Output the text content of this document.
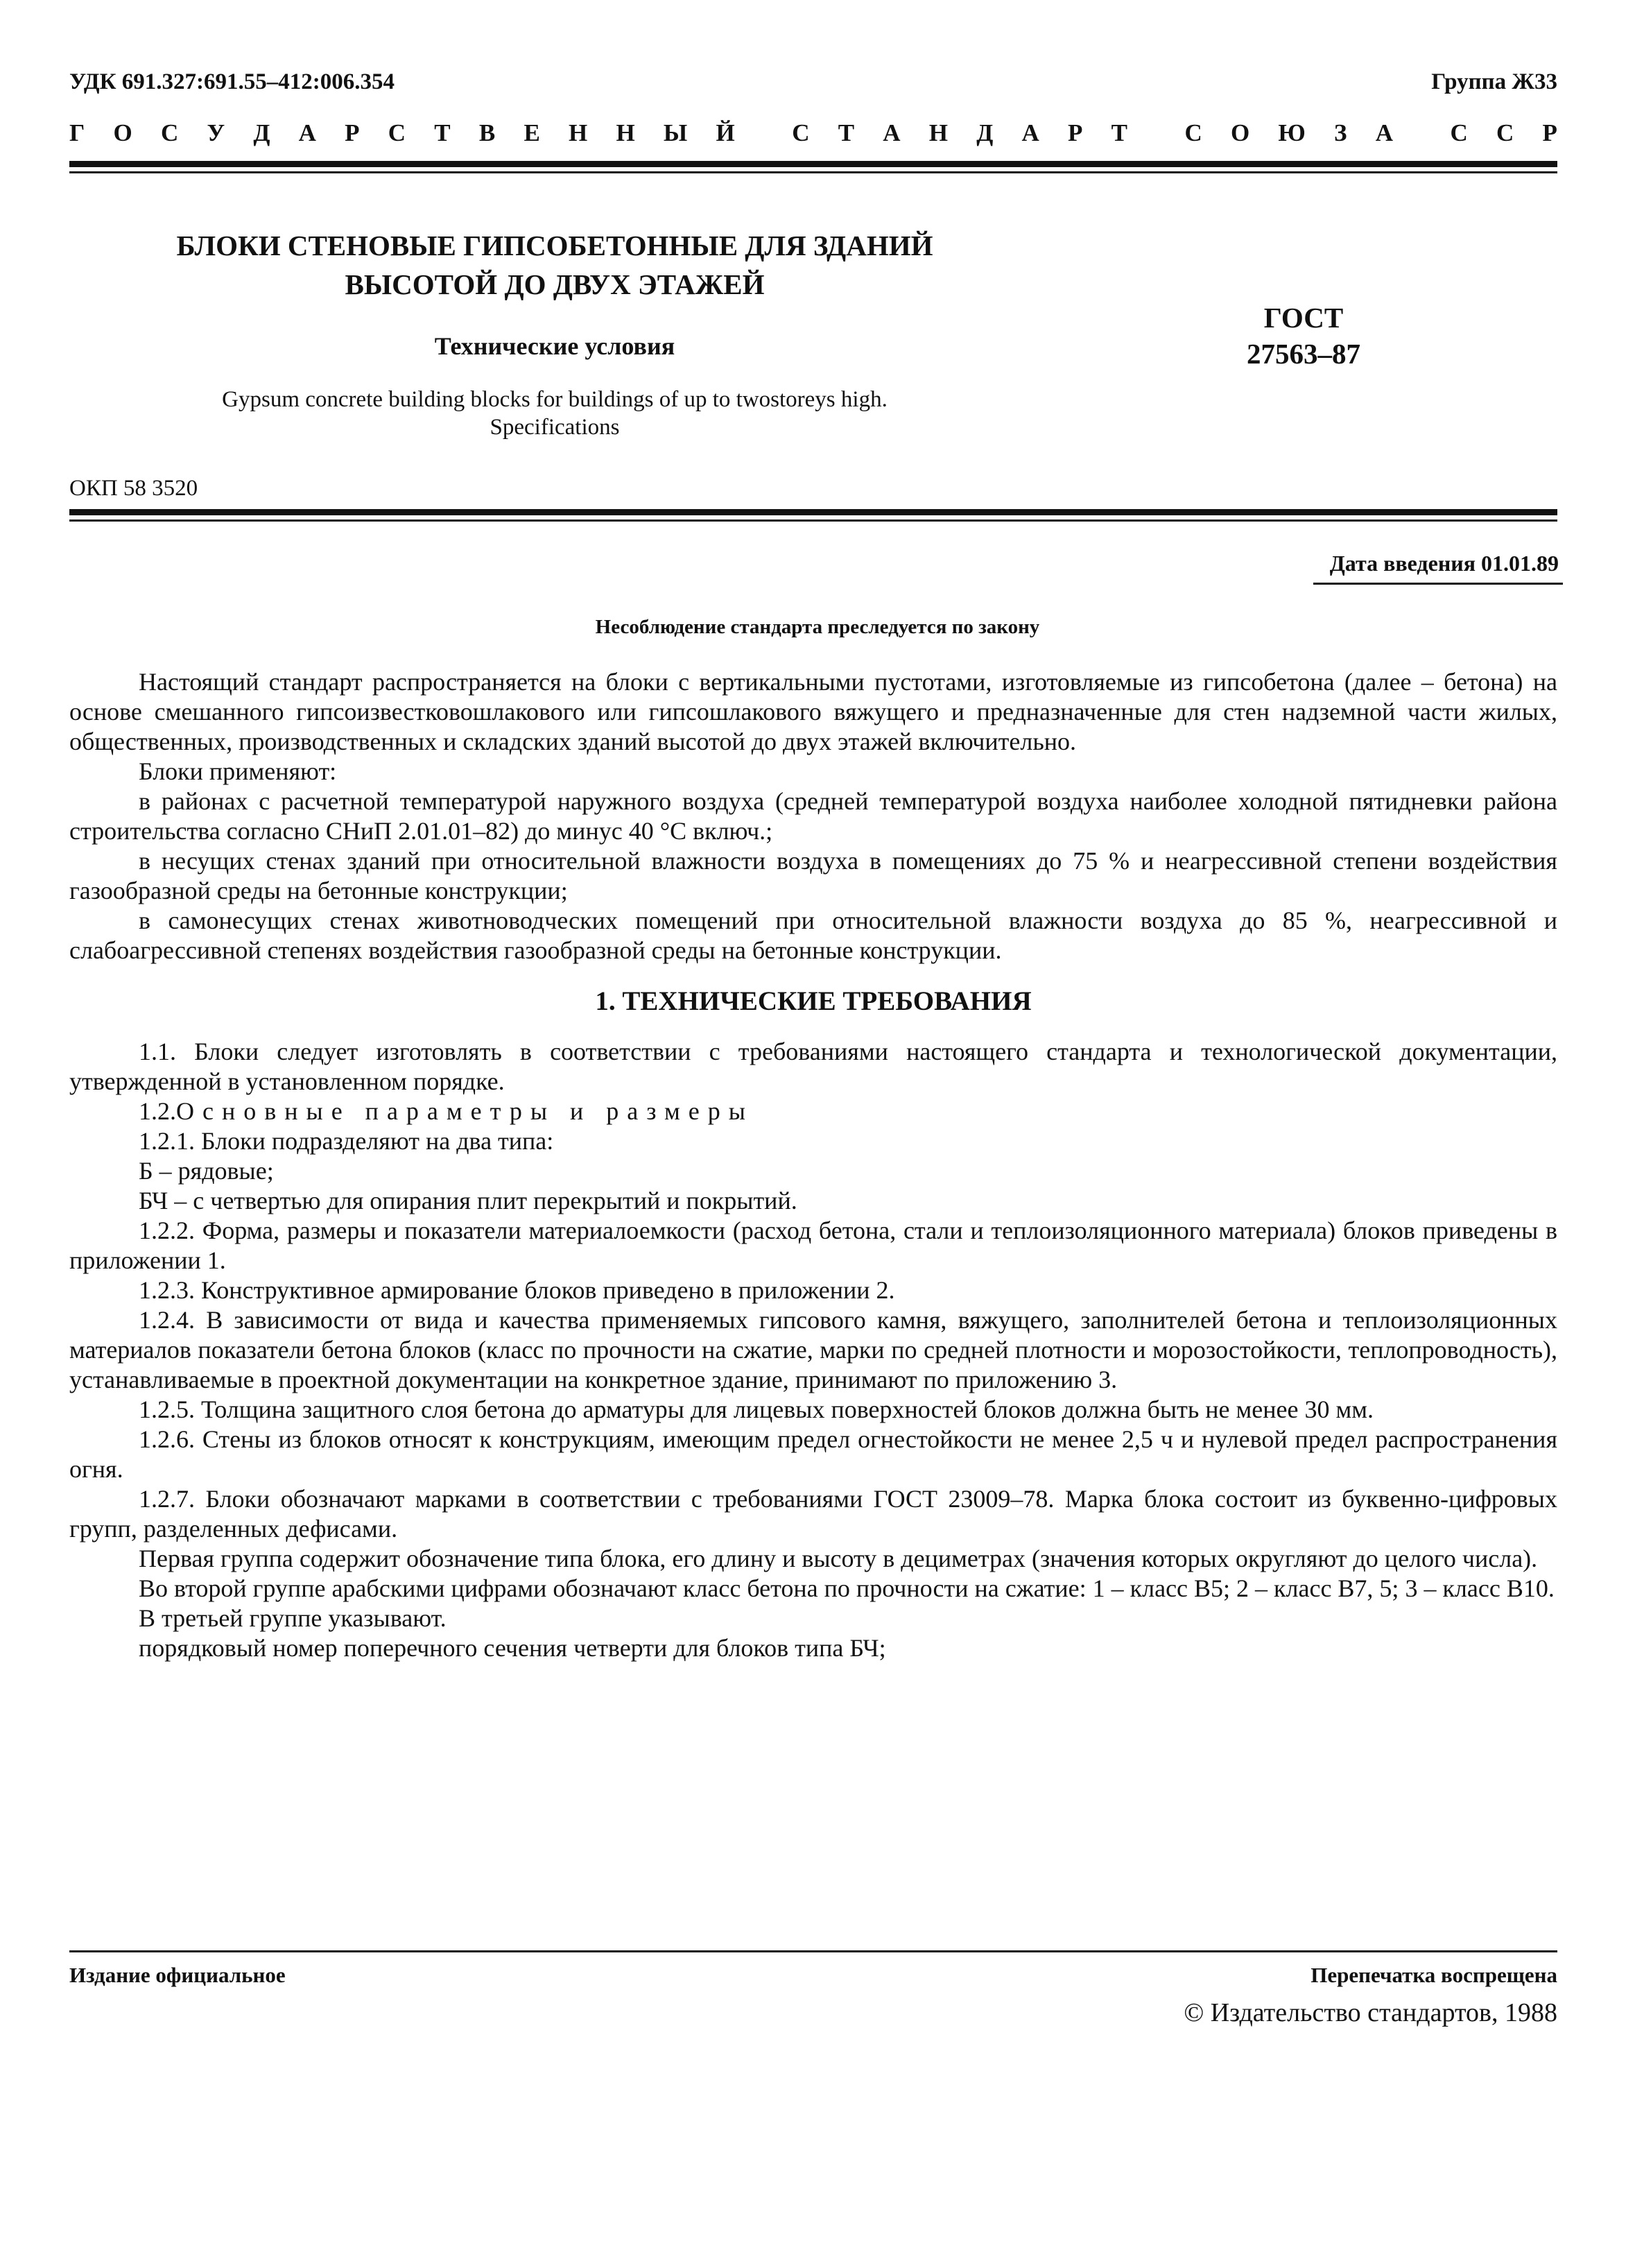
УДК 691.327:691.55–412:006.354	Группа Ж33
Г О С У Д А Р С Т В Е Н Н Ы Й С Т А Н Д А Р Т С О Ю З А С С Р
БЛОКИ СТЕНОВЫЕ ГИПСОБЕТОННЫЕ ДЛЯ ЗДАНИЙ
ВЫСОТОЙ ДО ДВУХ ЭТАЖЕЙ
Технические условия
Gypsum concrete building blocks for buildings of up to twostoreys high.
Specifications
ГОСТ
27563–87
ОКП 58 3520
Дата введения 01.01.89
Несоблюдение стандарта преследуется по закону

Настоящий стандарт распространяется на блоки с вертикальными пустотами, изготовляемые из гипсобетона (далее – бетона) на основе смешанного гипсоизвестковошлакового или гипсошлакового вяжущего и предназначенные для стен надземной части жилых, общественных, производственных и складских зданий высотой до двух этажей включительно.

Блоки применяют:

в районах с расчетной температурой наружного воздуха (средней температурой воздуха наиболее холодной пятидневки района строительства согласно СНиП 2.01.01–82) до минус 40 °С включ.;

в несущих стенах зданий при относительной влажности воздуха в помещениях до 75 % и неагрессивной степени воздействия газообразной среды на бетонные конструкции;

в самонесущих стенах животноводческих помещений при относительной влажности воздуха до 85 %, неагрессивной и слабоагрессивной степенях воздействия газообразной среды на бетонные конструкции.

1. ТЕХНИЧЕСКИЕ ТРЕБОВАНИЯ

1.1. Блоки следует изготовлять в соответствии с требованиями настоящего стандарта и технологической документации, утвержденной в установленном порядке.

1.2.Основные параметры и размеры

1.2.1. Блоки подразделяют на два типа:

Б – рядовые;

БЧ – с четвертью для опирания плит перекрытий и покрытий.

1.2.2. Форма, размеры и показатели материалоемкости (расход бетона, стали и теплоизоляционного материала) блоков приведены в приложении 1.

1.2.3. Конструктивное армирование блоков приведено в приложении 2.

1.2.4. В зависимости от вида и качества применяемых гипсового камня, вяжущего, заполнителей бетона и теплоизоляционных материалов показатели бетона блоков (класс по прочности на сжатие, марки по средней плотности и морозостойкости, теплопроводность), устанавливаемые в проектной документации на конкретное здание, принимают по приложению 3.

1.2.5. Толщина защитного слоя бетона до арматуры для лицевых поверхностей блоков должна быть не менее 30 мм.

1.2.6. Стены из блоков относят к конструкциям, имеющим предел огнестойкости не менее 2,5 ч и нулевой предел распространения огня.

1.2.7. Блоки обозначают марками в соответствии с требованиями ГОСТ 23009–78. Марка блока состоит из буквенно-цифровых групп, разделенных дефисами.

Первая группа содержит обозначение типа блока, его длину и высоту в дециметрах (значения которых округляют до целого числа).

Во второй группе арабскими цифрами обозначают класс бетона по прочности на сжатие: 1 – класс В5; 2 – класс В7, 5; 3 – класс В10.

В третьей группе указывают.

порядковый номер поперечного сечения четверти для блоков типа БЧ;

Издание официальное	Перепечатка воспрещена
© Издательство стандартов, 1988
